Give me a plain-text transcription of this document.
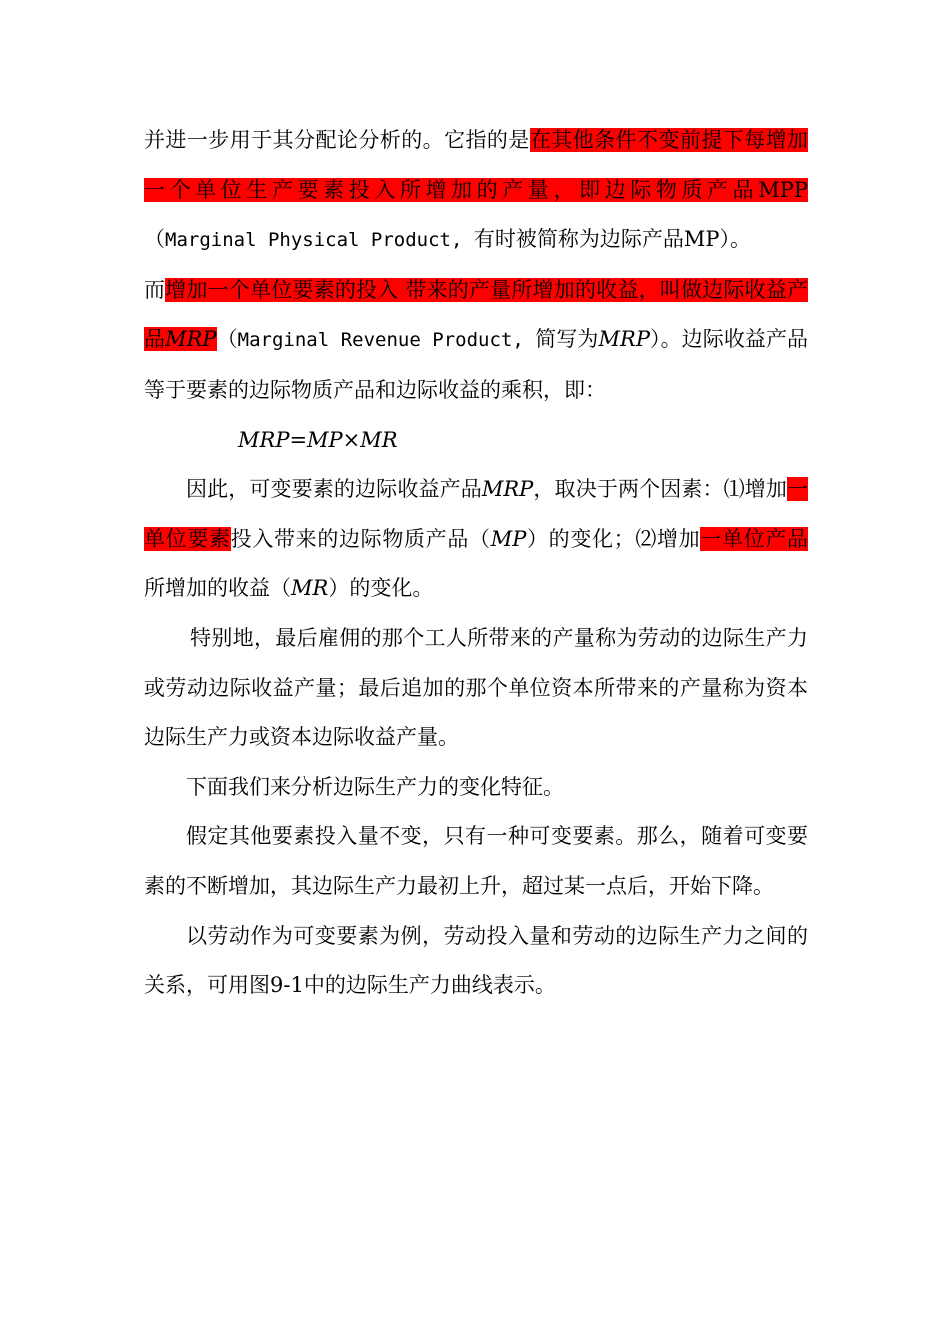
并进一步用于其分配论分析的。它指的是在其他条件不变前提下每增加一个单位生产要素投入所增加的产量，即边际物质产品MPP（Marginal Physical Product, 有时被简称为边际产品MP）。

而增加一个单位要素的投入 带来的产量所增加的收益，叫做边际收益产品MRP（Marginal Revenue Product, 简写为MRP）。边际收益产品等于要素的边际物质产品和边际收益的乘积，即：

MRP=MP×MR

因此，可变要素的边际收益产品MRP，取决于两个因素：⑴增加一单位要素投入带来的边际物质产品（MP）的变化；⑵增加一单位产品所增加的收益（MR）的变化。

特别地，最后雇佣的那个工人所带来的产量称为劳动的边际生产力或劳动边际收益产量；最后追加的那个单位资本所带来的产量称为资本边际生产力或资本边际收益产量。

下面我们来分析边际生产力的变化特征。

假定其他要素投入量不变，只有一种可变要素。那么，随着可变要素的不断增加，其边际生产力最初上升，超过某一点后，开始下降。

以劳动作为可变要素为例，劳动投入量和劳动的边际生产力之间的关系，可用图9-1中的边际生产力曲线表示。
